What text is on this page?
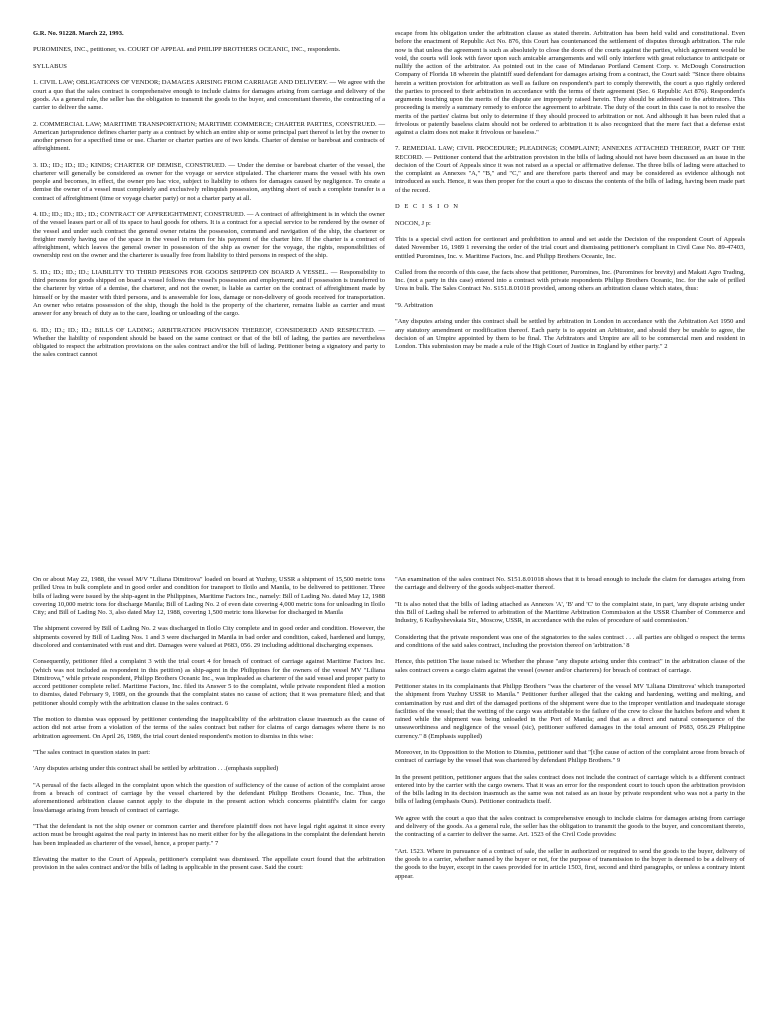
G.R. No. 91228. March 22, 1993.

PUROMINES, INC., petitioner, vs. COURT OF APPEAL and PHILIPP BROTHERS OCEANIC, INC., respondents.

SYLLABUS

1. CIVIL LAW; OBLIGATIONS OF VENDOR; DAMAGES ARISING FROM CARRIAGE AND DELIVERY. — We agree with the court a quo that the sales contract is comprehensive enough to include claims for damages arising from carriage and delivery of the goods. As a general rule, the seller has the obligation to transmit the goods to the buyer, and concomitant thereto, the contracting of a carrier to deliver the same.

2. COMMERCIAL LAW; MARITIME TRANSPORTATION; MARITIME COMMERCE; CHARTER PARTIES, CONSTRUED. — American jurisprudence defines charter party as a contract by which an entire ship or some principal part thereof is let by the owner to another person for a specified time or use. Charter or charter parties are of two kinds. Charter of demise or bareboat and contracts of affreightment.

3. ID.; ID.; ID.; ID.; KINDS; CHARTER OF DEMISE, CONSTRUED. — Under the demise or bareboat charter of the vessel, the charterer will generally be considered as owner for the voyage or service stipulated. The charterer mans the vessel with his own people and becomes, in effect, the owner pro hac vice, subject to liability to others for damages caused by negligence. To create a demise the owner of a vessel must completely and exclusively relinquish possession, anything short of such a complete transfer is a contract of affreightment (time or voyage charter party) or not a charter party at all.

4. ID.; ID.; ID.; ID.; ID.; CONTRACT OF AFFREIGHTMENT, CONSTRUED. — A contract of affreightment is in which the owner of the vessel leases part or all of its space to haul goods for others. It is a contract for a special service to be rendered by the owner of the vessel and under such contract the general owner retains the possession, command and navigation of the ship, the charterer or freighter merely having use of the space in the vessel in return for his payment of the charter hire. If the charter is a contract of affreightment, which leaves the general owner in possession of the ship as owner for the voyage, the rights, responsibilities of ownership rest on the owner and the charterer is usually free from liability to third persons in respect of the ship.

5. ID.; ID.; ID.; ID.; LIABILITY TO THIRD PERSONS FOR GOODS SHIPPED ON BOARD A VESSEL. — Responsibility to third persons for goods shipped on board a vessel follows the vessel's possession and employment; and if possession is transferred to the charterer by virtue of a demise, the charterer, and not the owner, is liable as carrier on the contract of affreightment made by himself or by the master with third persons, and is answerable for loss, damage or non-delivery of goods received for transportation. An owner who retains possession of the ship, though the hold is the property of the charterer, remains liable as carrier and must answer for any breach of duty as to the care, loading or unloading of the cargo.

6. ID.; ID.; ID.; ID.; BILLS OF LADING; ARBITRATION PROVISION THEREOF, CONSIDERED AND RESPECTED. — Whether the liability of respondent should be based on the same contract or that of the bill of lading, the parties are nevertheless obligated to respect the arbitration provisions on the sales contract and/or the bill of lading. Petitioner being a signatory and party to the sales contract cannot

escape from his obligation under the arbitration clause as stated therein. Arbitration has been held valid and constitutional. Even before the enactment of Republic Act No. 876, this Court has countenanced the settlement of disputes through arbitration. The rule now is that unless the agreement is such as absolutely to close the doors of the courts against the parties, which agreement would be void, the courts will look with favor upon such amicable arrangements and will only interfere with great reluctance to anticipate or nullify the action of the arbitrator. As pointed out in the case of Mindanao Portland Cement Corp. v. McDough Construction Company of Florida 18 wherein the plaintiff sued defendant for damages arising from a contract, the Court said: "Since there obtains herein a written provision for arbitration as well as failure on respondent's part to comply therewith, the court a quo rightly ordered the parties to proceed to their arbitration in accordance with the terms of their agreement (Sec. 6 Republic Act 876). Respondent's arguments touching upon the merits of the dispute are improperly raised herein. They should be addressed to the arbitrators. This proceeding is merely a summary remedy to enforce the agreement to arbitrate. The duty of the court in this case is not to resolve the merits of the parties' claims but only to determine if they should proceed to arbitration or not. And although it has been ruled that a frivolous or patently baseless claim should not be ordered to arbitration it is also recognized that the mere fact that a defense exist against a claim does not make it frivolous or baseless."

7. REMEDIAL LAW; CIVIL PROCEDURE; PLEADINGS; COMPLAINT; ANNEXES ATTACHED THEREOF, PART OF THE RECORD. — Petitioner contend that the arbitration provision in the bills of lading should not have been discussed as an issue in the decision of the Court of Appeals since it was not raised as a special or affirmative defense. The three bills of lading were attached to the complaint as Annexes "A," "B," and "C," and are therefore parts thereof and may be considered as evidence although not introduced as such. Hence, it was then proper for the court a quo to discuss the contents of the bills of lading, having been made part of the record.

D E C I S I O N

NOCON, J p:

This is a special civil action for certiorari and prohibition to annul and set aside the Decision of the respondent Court of Appeals dated November 16, 1989 1 reversing the order of the trial court and dismissing petitioner's compliant in Civil Case No. 89-47403, entitled Puromines, Inc. v. Maritime Factors, Inc. and Philipp Brothers Oceanic, Inc.

Culled from the records of this case, the facts show that petitioner, Puromines, Inc. (Puromines for brevity) and Makati Agro Trading, Inc. (not a party in this case) entered into a contract with private respondents Philipp Brothers Oceanic, Inc. for the sale of prilled Urea in bulk. The Sales Contract No. S151.8.01018 provided, among others an arbitration clause which states, thus:

"9. Arbitration

"Any disputes arising under this contract shall be settled by arbitration in London in accordance with the Arbitration Act 1950 and any statutory amendment or modification thereof. Each party is to appoint an Arbitrator, and should they be unable to agree, the decision of an Umpire appointed by them to be final. The Arbitrators and Umpire are all to be commercial men and resident in London. This submission may be made a rule of the High Court of Justice in England by either party." 2

On or about May 22, 1988, the vessel M/V "Liliana Dimitrova" loaded on board at Yuzhny, USSR a shipment of 15,500 metric tons prilled Urea in bulk complete and in good order and condition for transport to Iloilo and Manila, to be delivered to petitioner. Three bills of lading were issued by the ship-agent in the Philippines, Maritime Factors Inc., namely: Bill of Lading No. dated May 12, 1988 covering 10,000 metric tons for discharge Manila; Bill of Lading No. 2 of even date covering 4,000 metric tons for unloading in Iloilo City; and Bill of Lading No. 3, also dated May 12, 1988, covering 1,500 metric tons likewise for discharged in Manila

The shipment covered by Bill of Lading No. 2 was discharged in Iloilo City complete and in good order and condition. However, the shipments covered by Bill of Lading Nos. 1 and 3 were discharged in Manila in bad order and condition, caked, hardened and lumpy, discolored and contaminated with rust and dirt. Damages were valued at P683, 056. 29 including additional discharging expenses.

Consequently, petitioner filed a complaint 3 with the trial court 4 for breach of contract of carriage against Maritime Factors Inc. (which was not included as respondent in this petition) as ship-agent in the Philippines for the owners of the vessel MV "Liliana Dimitrova," while private respondent, Philipp Brothers Oceanic Inc., was impleaded as charterer of the said vessel and proper party to accord petitioner complete relief. Maritime Factors, Inc. filed its Answer 5 to the complaint, while private respondent filed a motion to dismiss, dated February 9, 1989, on the grounds that the complaint states no cause of action; that it was premature filed; and that petitioner should comply with the arbitration clause in the sales contract. 6

The motion to dismiss was opposed by petitioner contending the inapplicability of the arbitration clause inasmuch as the cause of action did not arise from a violation of the terms of the sales contract but rather for claims of cargo damages where there is no arbitration agreement. On April 26, 1989, the trial court denied respondent's motion to dismiss in this wise:

"The sales contract in question states in part:

'Any disputes arising under this contract shall be settled by arbitration . . .(emphasis supplied)

"A perusal of the facts alleged in the complaint upon which the question of sufficiency of the cause of action of the complaint arose from a breach of contract of carriage by the vessel chartered by the defendant Philipp Brothers Oceanic, Inc. Thus, the aforementioned arbitration clause cannot apply to the dispute in the present action which concerns plaintiff's claim for cargo loss/damage arising from breach of contract of carriage.

"That the defendant is not the ship owner or common carrier and therefore plaintiff does not have legal right against it since every action must be brought against the real party in interest has no merit either for by the allegations in the complaint the defendant herein has been impleaded as charterer of the vessel, hence, a proper party." 7

Elevating the matter to the Court of Appeals, petitioner's complaint was dismissed. The appellate court found that the arbitration provision in the sales contract and/or the bills of lading is applicable in the present case. Said the court:

"An examination of the sales contract No. S151.8.01018 shows that it is broad enough to include the claim for damages arising from the carriage and delivery of the goods subject-matter thereof.

"It is also noted that the bills of lading attached as Annexes 'A', 'B' and 'C' to the complaint state, in part, 'any dispute arising under this Bill of Lading shall be referred to arbitration of the Maritime Arbitration Commission at the USSR Chamber of Commerce and Industry, 6 Kuibyshevskaia Str., Moscow, USSR, in accordance with the rules of procedure of said commission.'

Considering that the private respondent was one of the signatories to the sales contract . . . all parties are obliged o respect the terms and conditions of the said sales contract, including the provision thereof on 'arbitration.' 8

Hence, this petition The issue raised is: Whether the phrase "any dispute arising under this contract" in the arbitration clause of the sales contract covers a cargo claim against the vessel (owner and/or charterers) for breach of contract of carriage.

Petitioner states in its complainants that Philipp Brothers "was the charterer of the vessel MV 'Liliana Dimitrova' which transported the shipment from Yuzhny USSR to Manila." Petitioner further alleged that the caking and hardening, wetting and melting, and contamination by rust and dirt of the damaged portions of the shipment were due to the improper ventilation and inadequate storage facilities of the vessel; that the wetting of the cargo was attributable to the failure of the crew to close the hatches before and when it rained while the shipment was being unloaded in the Port of Manila; and that as a direct and natural consequence of the unseaworthiness and negligence of the vessel (sic), petitioner suffered damages in the total amount of P683, 056.29 Philippine currency." 8 (Emphasis supplied)

Moreover, in its Opposition to the Motion to Dismiss, petitioner said that "[t]he cause of action of the complaint arose from breach of contract of carriage by the vessel that was chartered by defendant Philipp Brothers." 9

In the present petition, petitioner argues that the sales contract does not include the contract of carriage which is a different contract entered into by the carrier with the cargo owners. That it was an error for the respondent court to touch upon the arbitration provision of the bills lading in its decision inasmuch as the same was not raised as an issue by private respondent who was not a party in the bills of lading (emphasis Ours). Petitioner contradicts itself.

We agree with the court a quo that the sales contract is comprehensive enough to include claims for damages arising from carriage and delivery of the goods. As a general rule, the seller has the obligation to transmit the goods to the buyer, and concomitant thereto, the contracting of a carrier to deliver the same. Art. 1523 of the Civil Code provides:

"Art. 1523. Where in pursuance of a contract of sale, the seller in authorized or required to send the goods to the buyer, delivery of the goods to a carrier, whether named by the buyer or not, for the purpose of transmission to the buyer is deemed to be a delivery of the goods to the buyer, except in the cases provided for in article 1503, first, second and third paragraphs, or unless a contrary intent appear.
